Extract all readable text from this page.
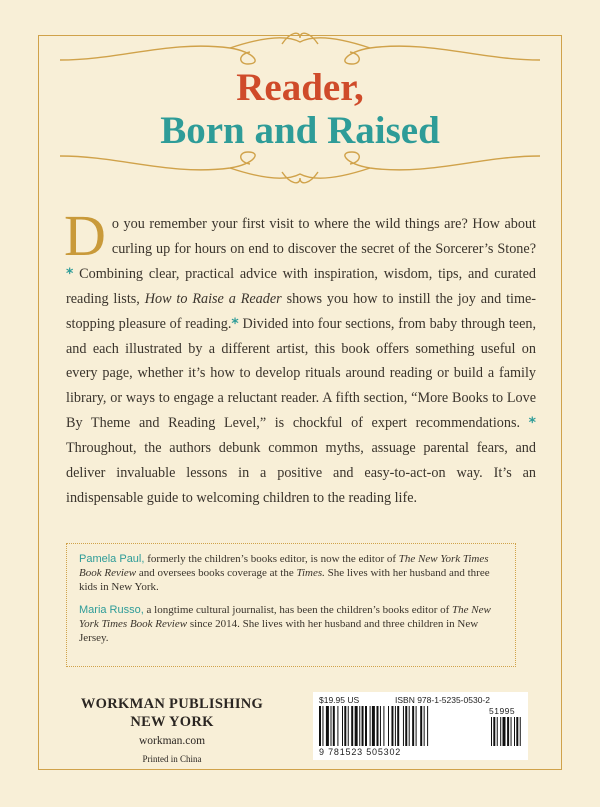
Reader,
Born and Raised
D o you remember your first visit to where the wild things are? How about curling up for hours on end to discover the secret of the Sorcerer’s Stone? * Combining clear, practical advice with inspiration, wisdom, tips, and curated reading lists, How to Raise a Reader shows you how to instill the joy and time-stopping pleasure of reading.* Divided into four sections, from baby through teen, and each illustrated by a different artist, this book offers something useful on every page, whether it’s how to develop rituals around reading or build a family library, or ways to engage a reluctant reader. A fifth section, “More Books to Love By Theme and Reading Level,” is chockful of expert recommendations. * Throughout, the authors debunk common myths, assuage parental fears, and deliver invaluable lessons in a positive and easy-to-act-on way. It’s an indispensable guide to welcoming children to the reading life.

Pamela Paul, formerly the children’s books editor, is now the editor of The New York Times Book Review and oversees books coverage at the Times. She lives with her husband and three kids in New York.

Maria Russo, a longtime cultural journalist, has been the children’s books editor of The New York Times Book Review since 2014. She lives with her husband and three children in New Jersey.

WORKMAN PUBLISHING
NEW YORK
workman.com
Printed in China
$19.95 US	ISBN 978-1-5235-0530-2
9 781523 505302
51995
